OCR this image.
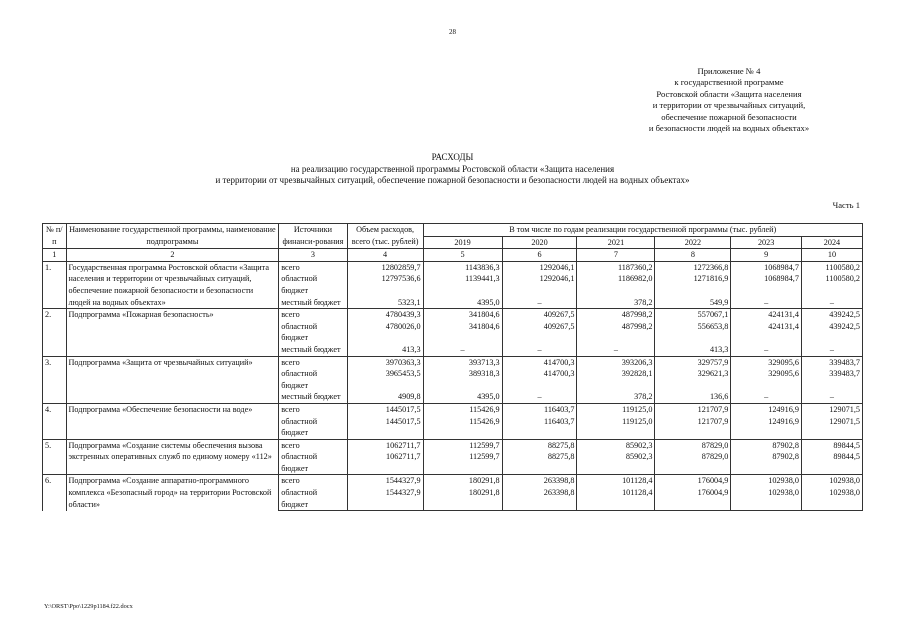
28
Приложение № 4
к государственной программе
Ростовской области «Защита населения
и территории от чрезвычайных ситуаций,
обеспечение пожарной безопасности
и безопасности людей на водных объектах»
РАСХОДЫ
на реализацию государственной программы Ростовской области «Защита населения
и территории от чрезвычайных ситуаций, обеспечение пожарной безопасности и безопасности людей на водных объектах»
Часть 1
№ п/п	Наименование государственной программы, наименование подпрограммы	Источники финанси-рования	Объем расходов, всего (тыс. рублей)	В том числе по годам реализации государственной программы (тыс. рублей)					
				2019	2020	2021	2022	2023	2024
1	2	3	4	5	6	7	8	9	10
1.	Государственная программа Ростовской области «Защита населения и территории от чрезвычайных ситуаций, обеспечение пожарной безопасности и безопасности людей на водных объектах»	всего	12802859,7	1143836,3	1292046,1	1187360,2	1272366,8	1068984,7	1100580,2
		областной бюджет	12797536,6	1139441,3	1292046,1	1186982,0	1271816,9	1068984,7	1100580,2
		местный бюджет	5323,1	4395,0	–	378,2	549,9	–	–
2.	Подпрограмма «Пожарная безопасность»	всего	4780439,3	341804,6	409267,5	487998,2	557067,1	424131,4	439242,5
		областной бюджет	4780026,0	341804,6	409267,5	487998,2	556653,8	424131,4	439242,5
		местный бюджет	413,3	–	–	–	413,3	–	–
3.	Подпрограмма «Защита от чрезвычайных ситуаций»	всего	3970363,3	393713,3	414700,3	393206,3	329757,9	329095,6	339483,7
		областной бюджет	3965453,5	389318,3	414700,3	392828,1	329621,3	329095,6	339483,7
		местный бюджет	4909,8	4395,0	–	378,2	136,6	–	–
4.	Подпрограмма «Обеспечение безопасности на воде»	всего	1445017,5	115426,9	116403,7	119125,0	121707,9	124916,9	129071,5
		областной бюджет	1445017,5	115426,9	116403,7	119125,0	121707,9	124916,9	129071,5
5.	Подпрограмма «Создание системы обеспечения вызова экстренных оперативных служб по единому номеру «112»	всего	1062711,7	112599,7	88275,8	85902,3	87829,0	87902,8	89844,5
		областной бюджет	1062711,7	112599,7	88275,8	85902,3	87829,0	87902,8	89844,5
6.	Подпрограмма «Создание аппаратно-программного комплекса «Безопасный город» на территории Ростовской области»	всего	1544327,9	180291,8	263398,8	101128,4	176004,9	102938,0	102938,0
		областной бюджет	1544327,9	180291,8	263398,8	101128,4	176004,9	102938,0	102938,0
Y:\ORST\Ppo\1229p1184.f22.docx
